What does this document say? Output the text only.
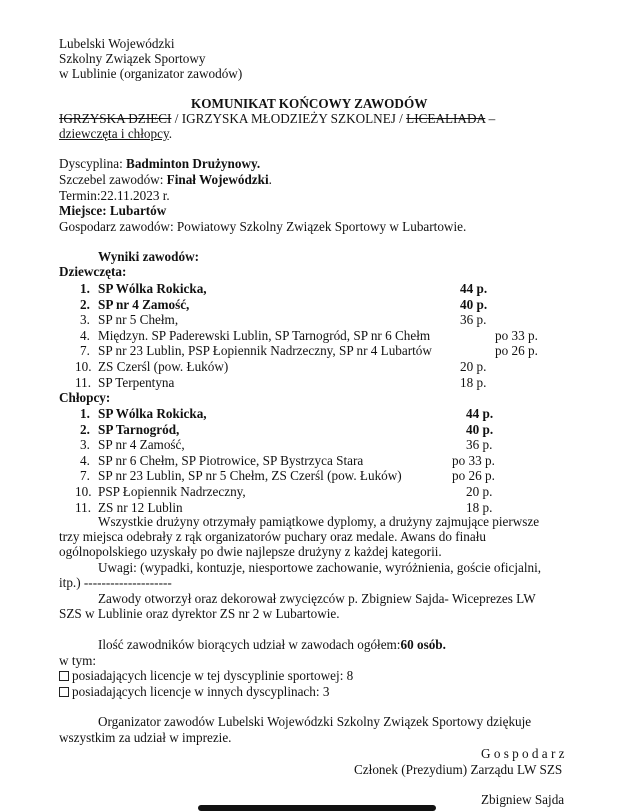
Lubelski Wojewódzki
Szkolny Związek Sportowy
w Lublinie (organizator zawodów)
KOMUNIKAT KOŃCOWY ZAWODÓW
IGRZYSKA DZIECI / IGRZYSKA MŁODZIEŻY SZKOLNEJ / LICEALIADA –
dziewczęta i chłopcy.
Dyscyplina: Badminton Drużynowy.
Szczebel zawodów: Finał Wojewódzki.
Termin:22.11.2023 r.
Miejsce: Lubartów
Gospodarz zawodów: Powiatowy Szkolny Związek Sportowy w Lubartowie.
Wyniki zawodów:
Dziewczęta:
1. SP Wólka Rokicka,	44 p.
2. SP nr 4 Zamość,	40 p.
3. SP nr 5 Chełm,	36 p.
4. Międzyn. SP Paderewski Lublin, SP Tarnogród, SP nr 6 Chełm	po 33 p.
7. SP nr 23 Lublin, PSP Łopiennik Nadrzeczny, SP nr 4 Lubartów	po 26 p.
10. ZS Czerśl (pow. Łuków)	20 p.
11. SP Terpentyna	18 p.
Chłopcy:
1. SP Wólka Rokicka,	44 p.
2. SP Tarnogród,	40 p.
3. SP nr 4 Zamość,	36 p.
4. SP nr 6 Chełm, SP Piotrowice, SP Bystrzyca Stara	po 33 p.
7. SP nr 23 Lublin, SP nr 5 Chełm, ZS Czerśl (pow. Łuków)	po 26 p.
10. PSP Łopiennik Nadrzeczny,	20 p.
11. ZS nr 12 Lublin	18 p.
Wszystkie drużyny otrzymały pamiątkowe dyplomy, a drużyny zajmujące pierwsze
trzy miejsca odebrały z rąk organizatorów puchary oraz medale. Awans do finału
ogólnopolskiego uzyskały po dwie najlepsze drużyny z każdej kategorii.
Uwagi: (wypadki, kontuzje, niesportowe zachowanie, wyróżnienia, goście oficjalni,
itp.) --------------------
Zawody otworzył oraz dekorował zwycięzców p. Zbigniew Sajda- Wiceprezes LW
SZS w Lublinie oraz dyrektor ZS nr 2 w Lubartowie.
Ilość zawodników biorących udział w zawodach ogółem:60 osób.
w tym:
posiadających licencje w tej dyscyplinie sportowej: 8
posiadających licencje w innych dyscyplinach: 3
Organizator zawodów Lubelski Wojewódzki Szkolny Związek Sportowy dziękuje
wszystkim za udział w imprezie.
G o s p o d a r z
Członek (Prezydium) Zarządu LW SZS
Zbigniew Sajda
